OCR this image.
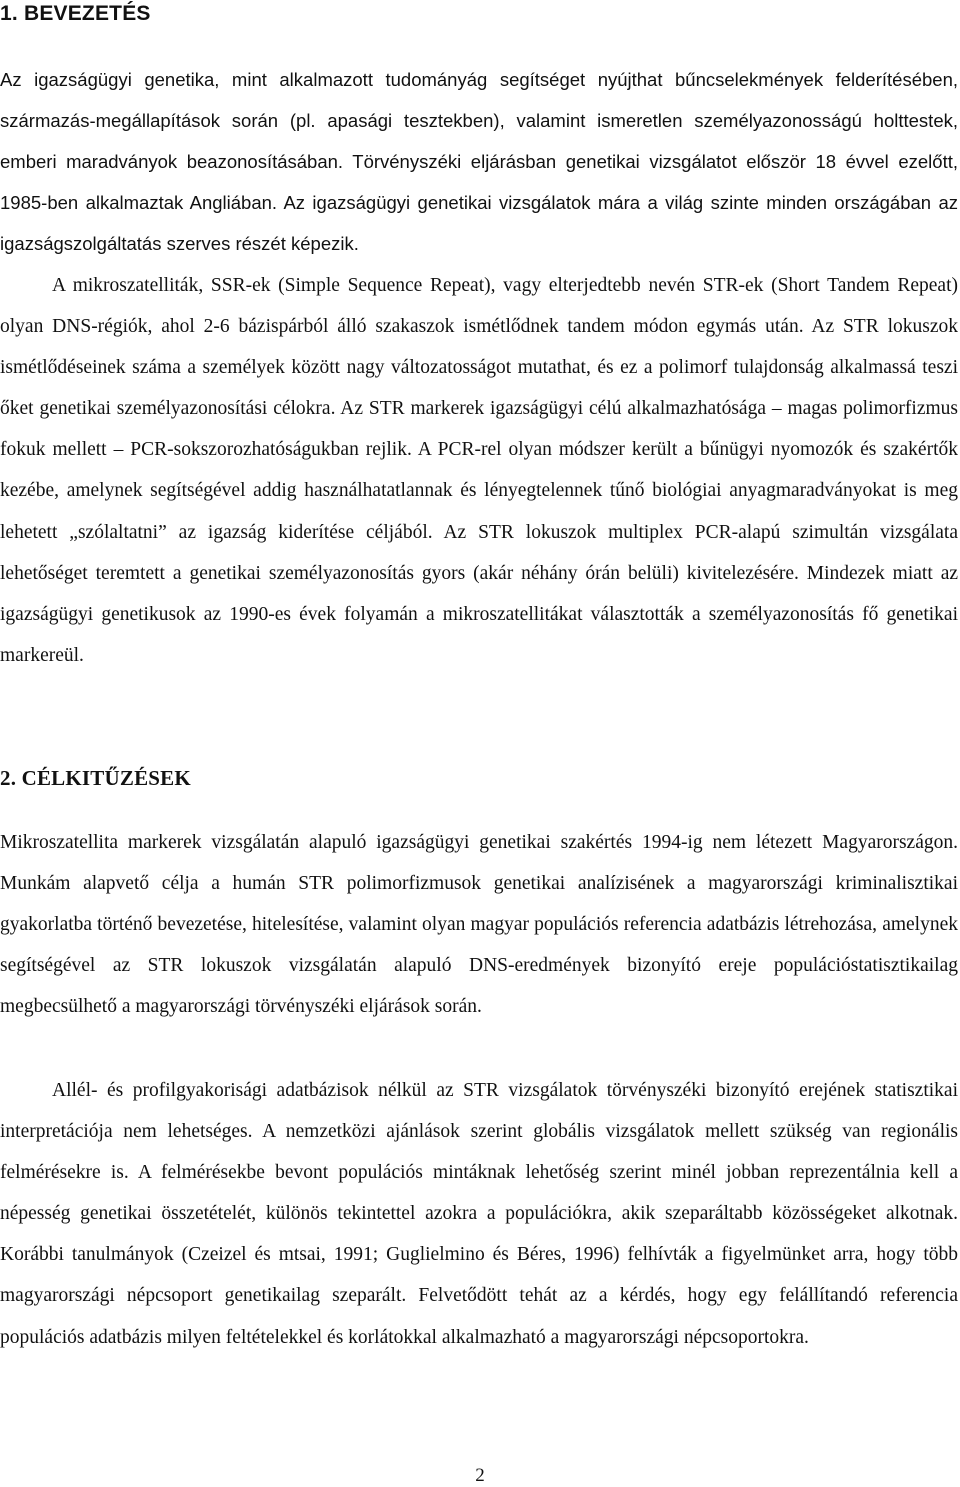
1. BEVEZETÉS

Az igazságügyi genetika, mint alkalmazott tudományág segítséget nyújthat bűncselekmények felderítésében, származás-megállapítások során (pl. apasági tesztekben), valamint ismeretlen személyazonosságú holttestek, emberi maradványok beazonosításában. Törvényszéki eljárásban genetikai vizsgálatot először 18 évvel ezelőtt, 1985-ben alkalmaztak Angliában. Az igazságügyi genetikai vizsgálatok mára a világ szinte minden országában az igazságszolgáltatás szerves részét képezik.

A mikroszatelliták, SSR-ek (Simple Sequence Repeat), vagy elterjedtebb nevén STR-ek (Short Tandem Repeat) olyan DNS-régiók, ahol 2-6 bázispárból álló szakaszok ismétlődnek tandem módon egymás után. Az STR lokuszok ismétlődéseinek száma a személyek között nagy változatosságot mutathat, és ez a polimorf tulajdonság alkalmassá teszi őket genetikai személyazonosítási célokra. Az STR markerek igazságügyi célú alkalmazhatósága – magas polimorfizmus fokuk mellett – PCR-sokszorozhatóságukban rejlik. A PCR-rel olyan módszer került a bűnügyi nyomozók és szakértők kezébe, amelynek segítségével addig használhatatlannak és lényegtelennek tűnő biológiai anyagmaradványokat is meg lehetett „szólaltatni” az igazság kiderítése céljából. Az STR lokuszok multiplex PCR-alapú szimultán vizsgálata lehetőséget teremtett a genetikai személyazonosítás gyors (akár néhány órán belüli) kivitelezésére. Mindezek miatt az igazságügyi genetikusok az 1990-es évek folyamán a mikroszatellitákat választották a személyazonosítás fő genetikai markereül.

2. CÉLKITŰZÉSEK

Mikroszatellita markerek vizsgálatán alapuló igazságügyi genetikai szakértés 1994-ig nem létezett Magyarországon. Munkám alapvető célja a humán STR polimorfizmusok genetikai analízisének a magyarországi kriminalisztikai gyakorlatba történő bevezetése, hitelesítése, valamint olyan magyar populációs referencia adatbázis létrehozása, amelynek segítségével az STR lokuszok vizsgálatán alapuló DNS-eredmények bizonyító ereje populációstatisztikailag megbecsülhető a magyarországi törvényszéki eljárások során.

Allél- és profilgyakorisági adatbázisok nélkül az STR vizsgálatok törvényszéki bizonyító erejének statisztikai interpretációja nem lehetséges. A nemzetközi ajánlások szerint globális vizsgálatok mellett szükség van regionális felmérésekre is. A felmérésekbe bevont populációs mintáknak lehetőség szerint minél jobban reprezentálnia kell a népesség genetikai összetételét, különös tekintettel azokra a populációkra, akik szeparáltabb közösségeket alkotnak. Korábbi tanulmányok (Czeizel és mtsai, 1991; Guglielmino és Béres, 1996) felhívták a figyelmünket arra, hogy több magyarországi népcsoport genetikailag szeparált. Felvetődött tehát az a kérdés, hogy egy felállítandó referencia populációs adatbázis milyen feltételekkel és korlátokkal alkalmazható a magyarországi népcsoportokra.

2
